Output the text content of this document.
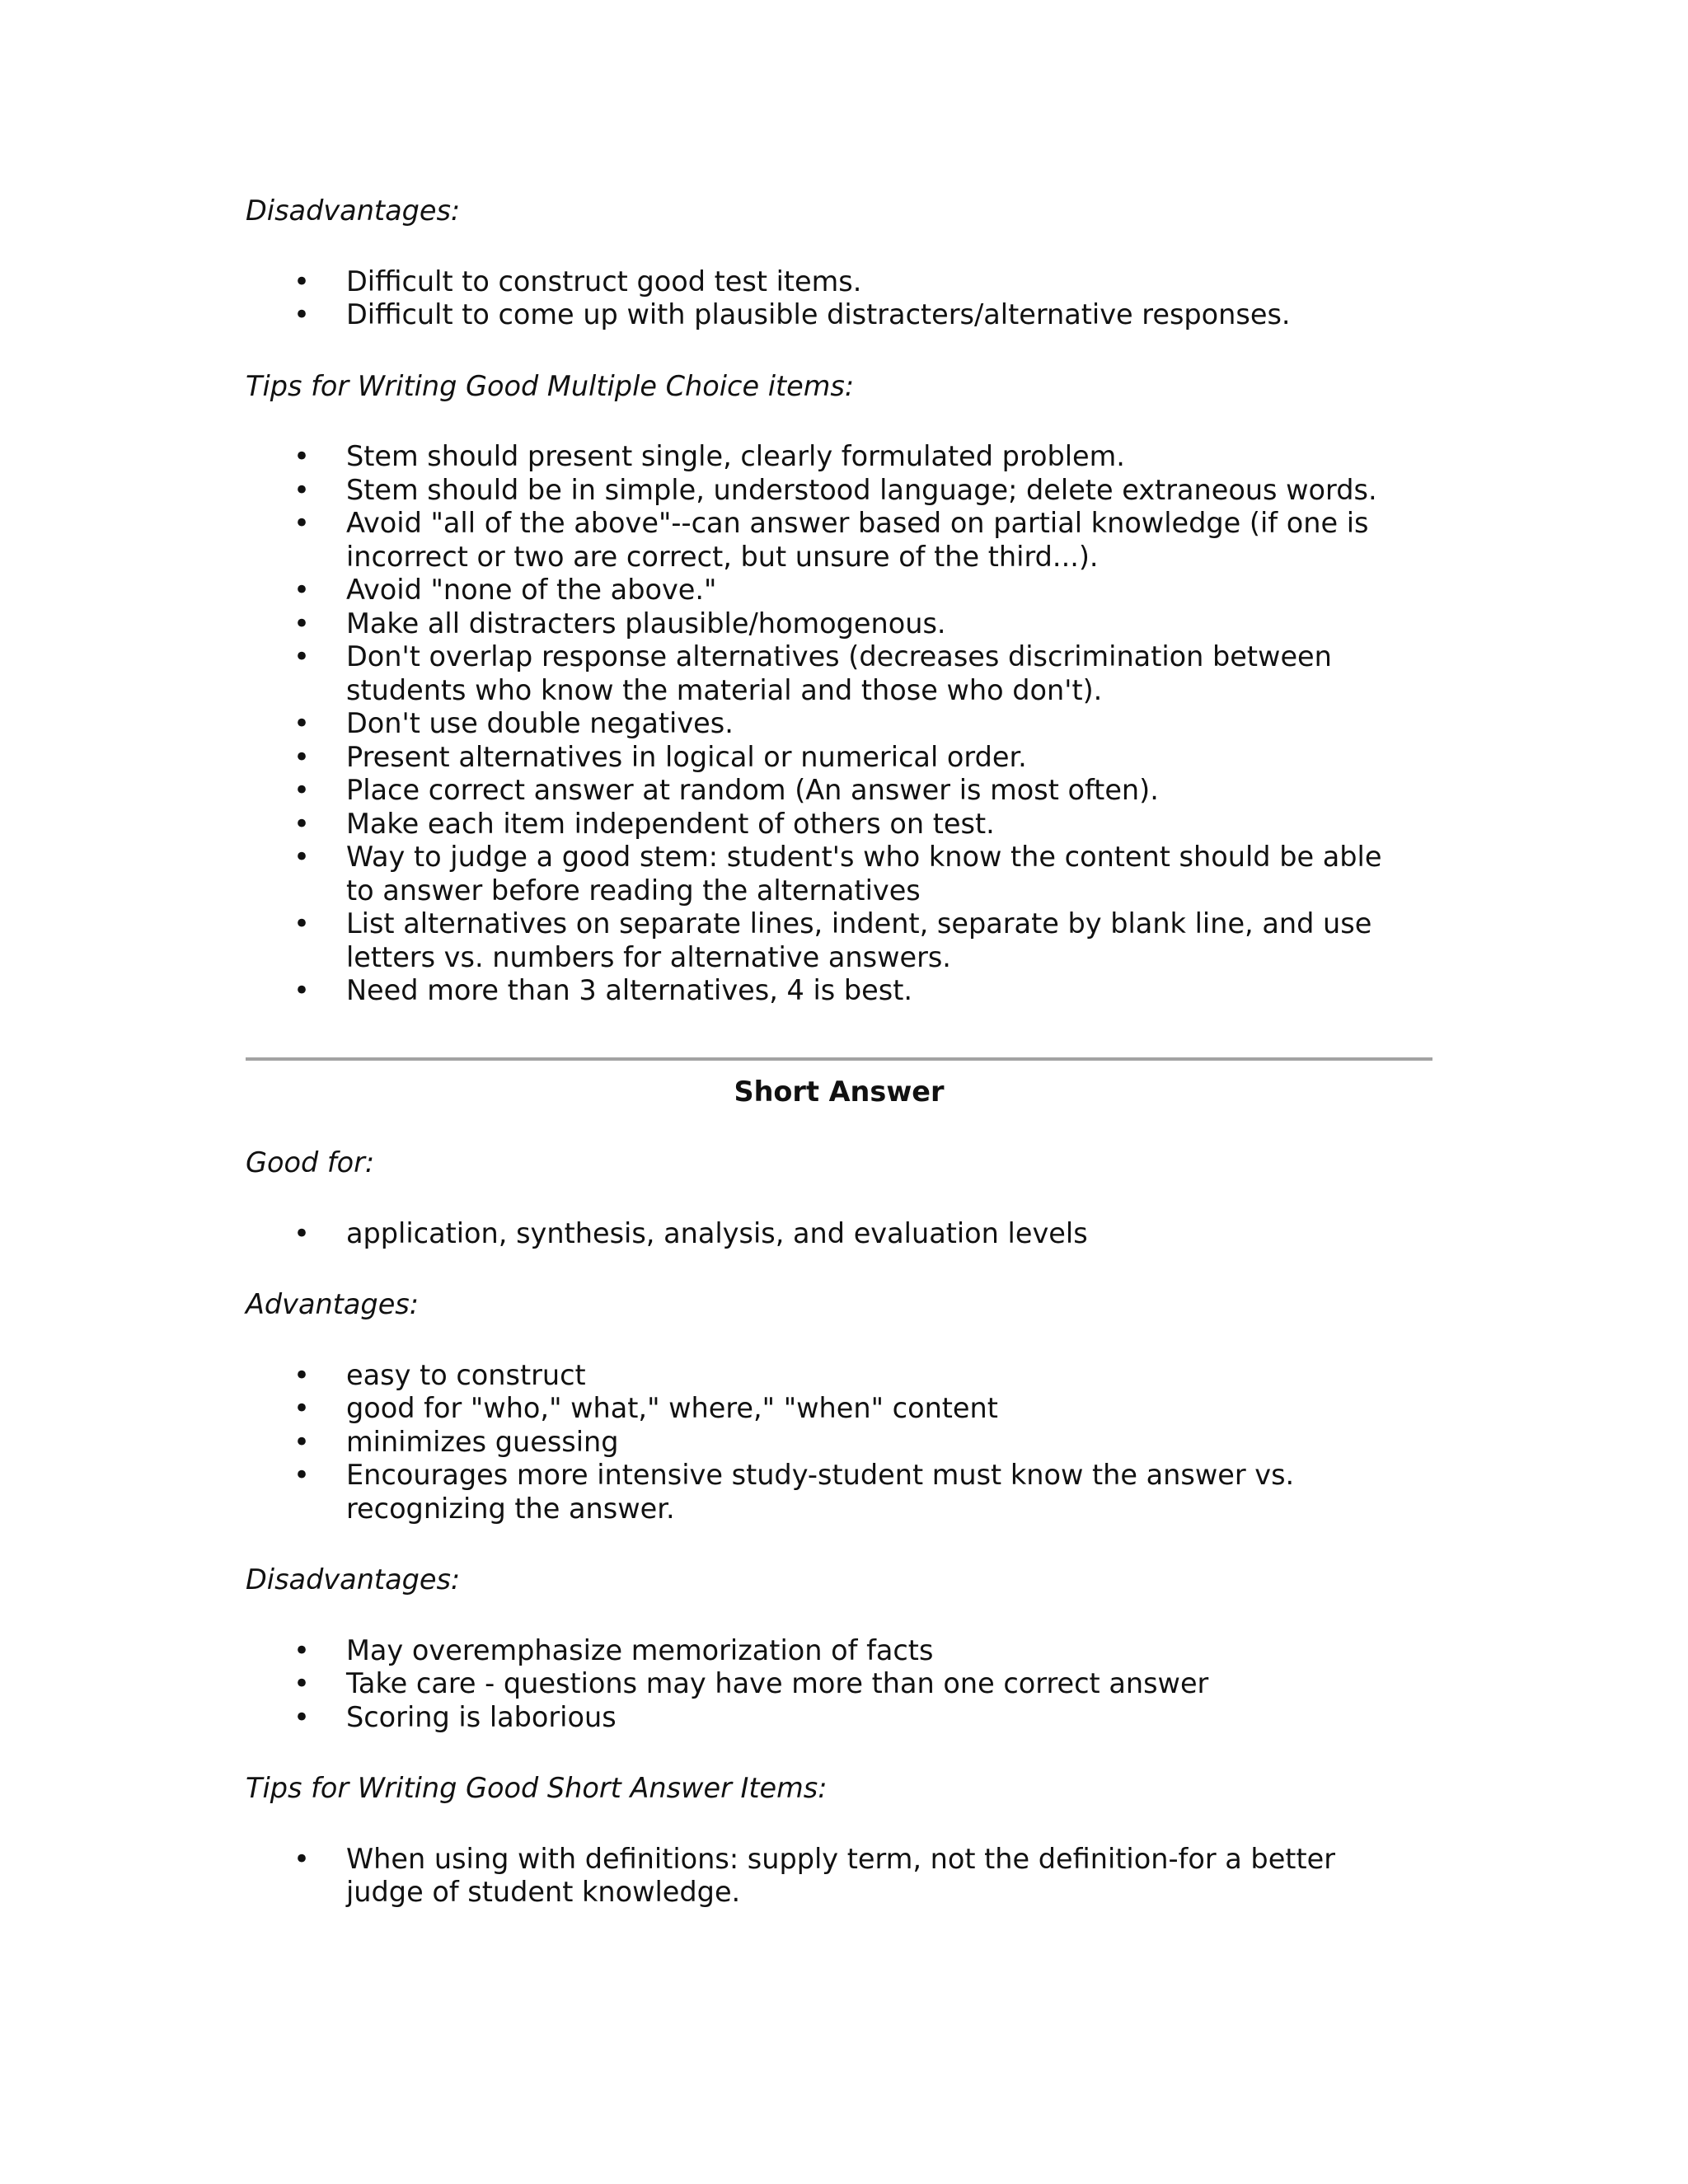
Disadvantages:

• Difficult to construct good test items.
• Difficult to come up with plausible distracters/alternative responses.

Tips for Writing Good Multiple Choice items:

• Stem should present single, clearly formulated problem.
• Stem should be in simple, understood language; delete extraneous words.
• Avoid "all of the above"--can answer based on partial knowledge (if one is incorrect or two are correct, but unsure of the third...).
• Avoid "none of the above."
• Make all distracters plausible/homogenous.
• Don't overlap response alternatives (decreases discrimination between students who know the material and those who don't).
• Don't use double negatives.
• Present alternatives in logical or numerical order.
• Place correct answer at random (An answer is most often).
• Make each item independent of others on test.
• Way to judge a good stem: student's who know the content should be able to answer before reading the alternatives
• List alternatives on separate lines, indent, separate by blank line, and use letters vs. numbers for alternative answers.
• Need more than 3 alternatives, 4 is best.

Short Answer

Good for:

• application, synthesis, analysis, and evaluation levels

Advantages:

• easy to construct
• good for "who," what," where," "when" content
• minimizes guessing
• Encourages more intensive study-student must know the answer vs. recognizing the answer.

Disadvantages:

• May overemphasize memorization of facts
• Take care - questions may have more than one correct answer
• Scoring is laborious

Tips for Writing Good Short Answer Items:

• When using with definitions: supply term, not the definition-for a better judge of student knowledge.
